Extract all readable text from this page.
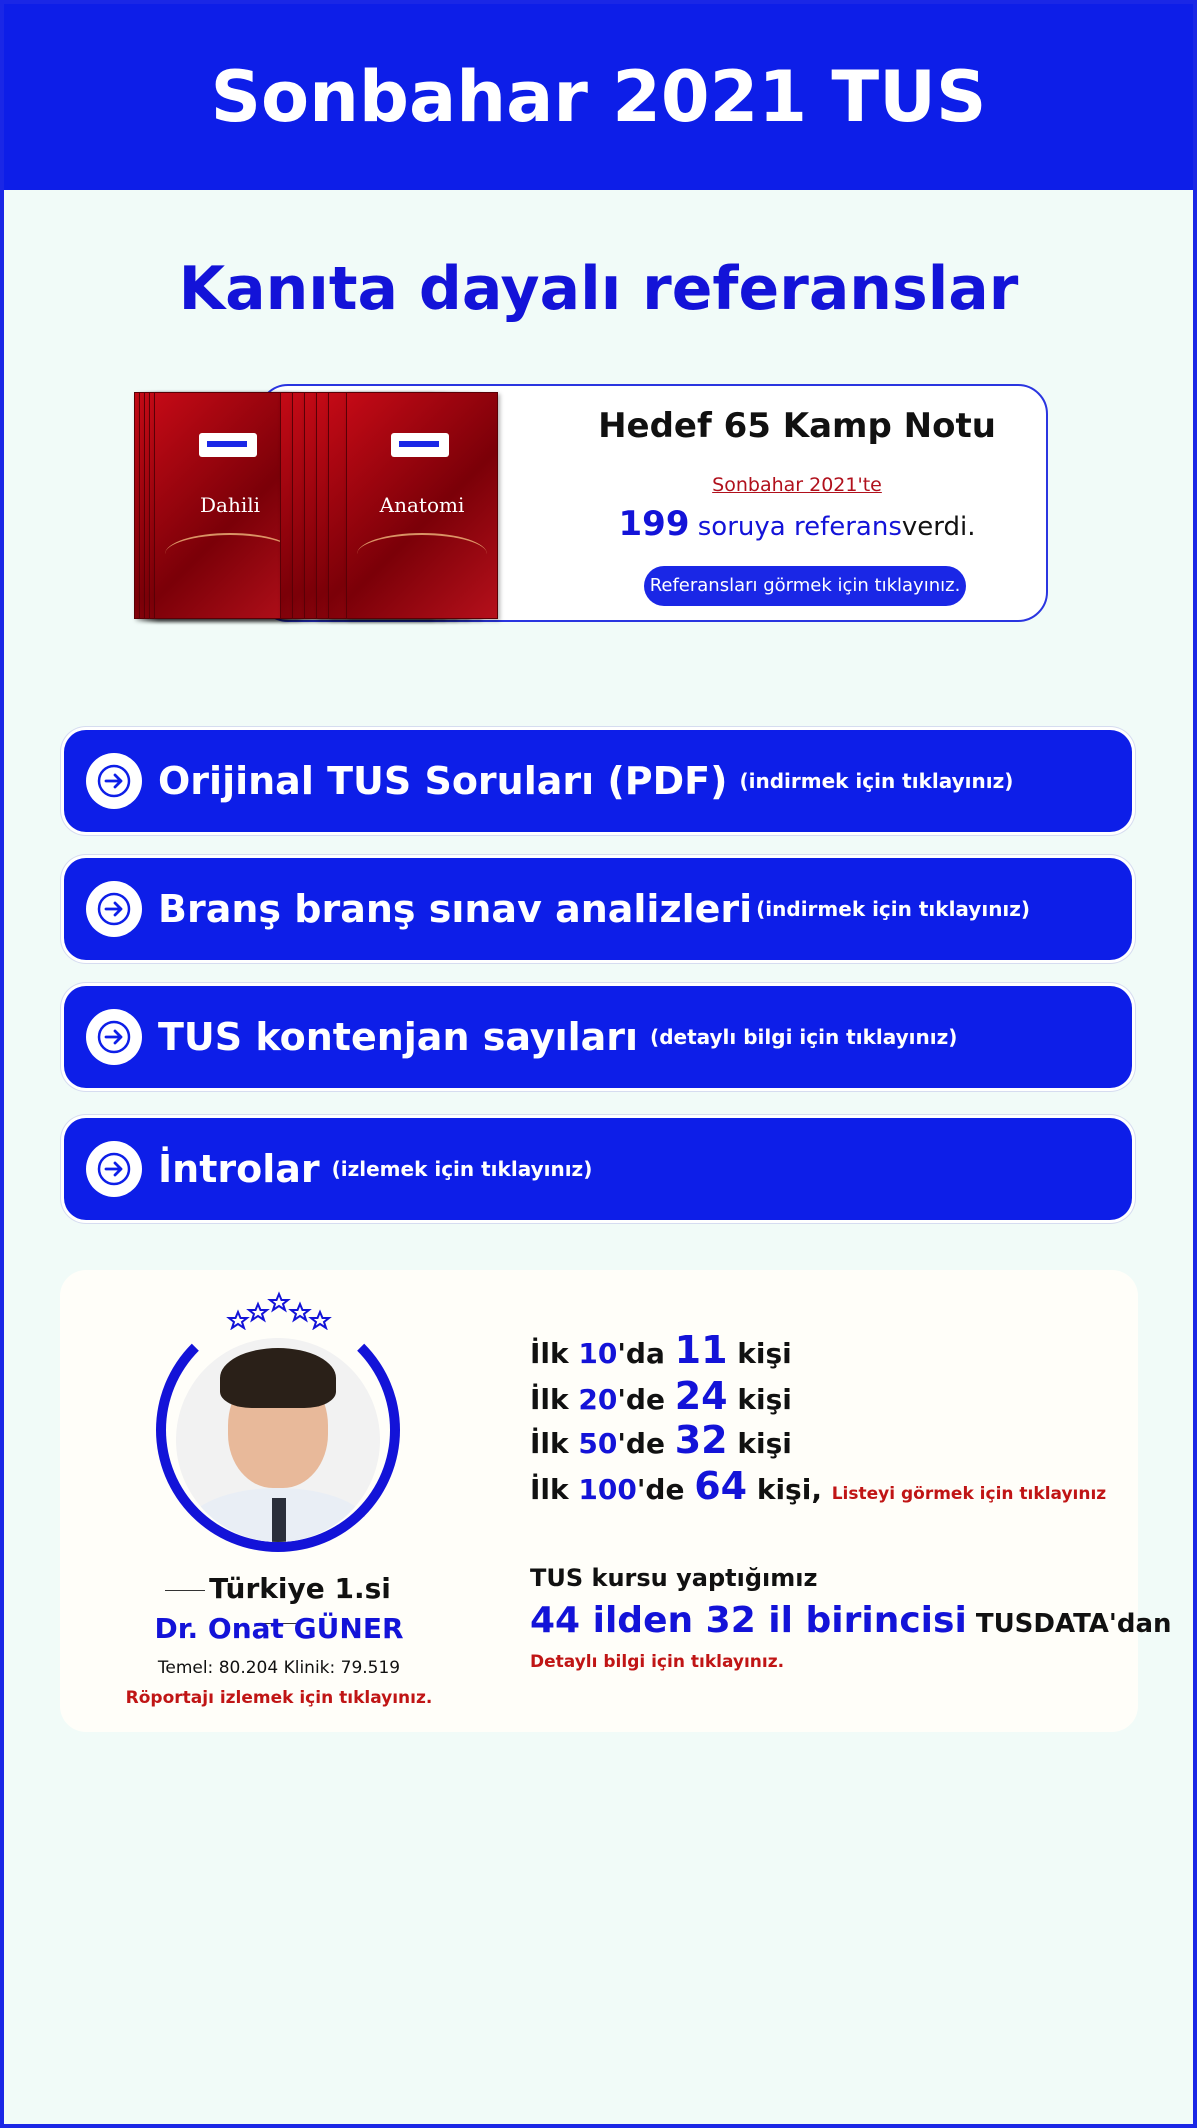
Sonbahar 2021 TUS
Kanıta dayalı referanslar
Dahili	Anatomi
Hedef 65 Kamp Notu
Sonbahar 2021'te
199 soruya referansverdi.
Referansları görmek için tıklayınız.
Orijinal TUS Soruları (PDF) (indirmek için tıklayınız)
Branş branş sınav analizleri (indirmek için tıklayınız)
TUS kontenjan sayıları (detaylı bilgi için tıklayınız)
İntrolar (izlemek için tıklayınız)
Türkiye 1.si
Dr. Onat GÜNER
Temel: 80.204 Klinik: 79.519
Röportajı izlemek için tıklayınız.
İlk 10'da 11 kişi
İlk 20'de 24 kişi
İlk 50'de 32 kişi
İlk 100'de 64 kişi, Listeyi görmek için tıklayınız
TUS kursu yaptığımız
44 ilden 32 il birincisi TUSDATA'dan
Detaylı bilgi için tıklayınız.
